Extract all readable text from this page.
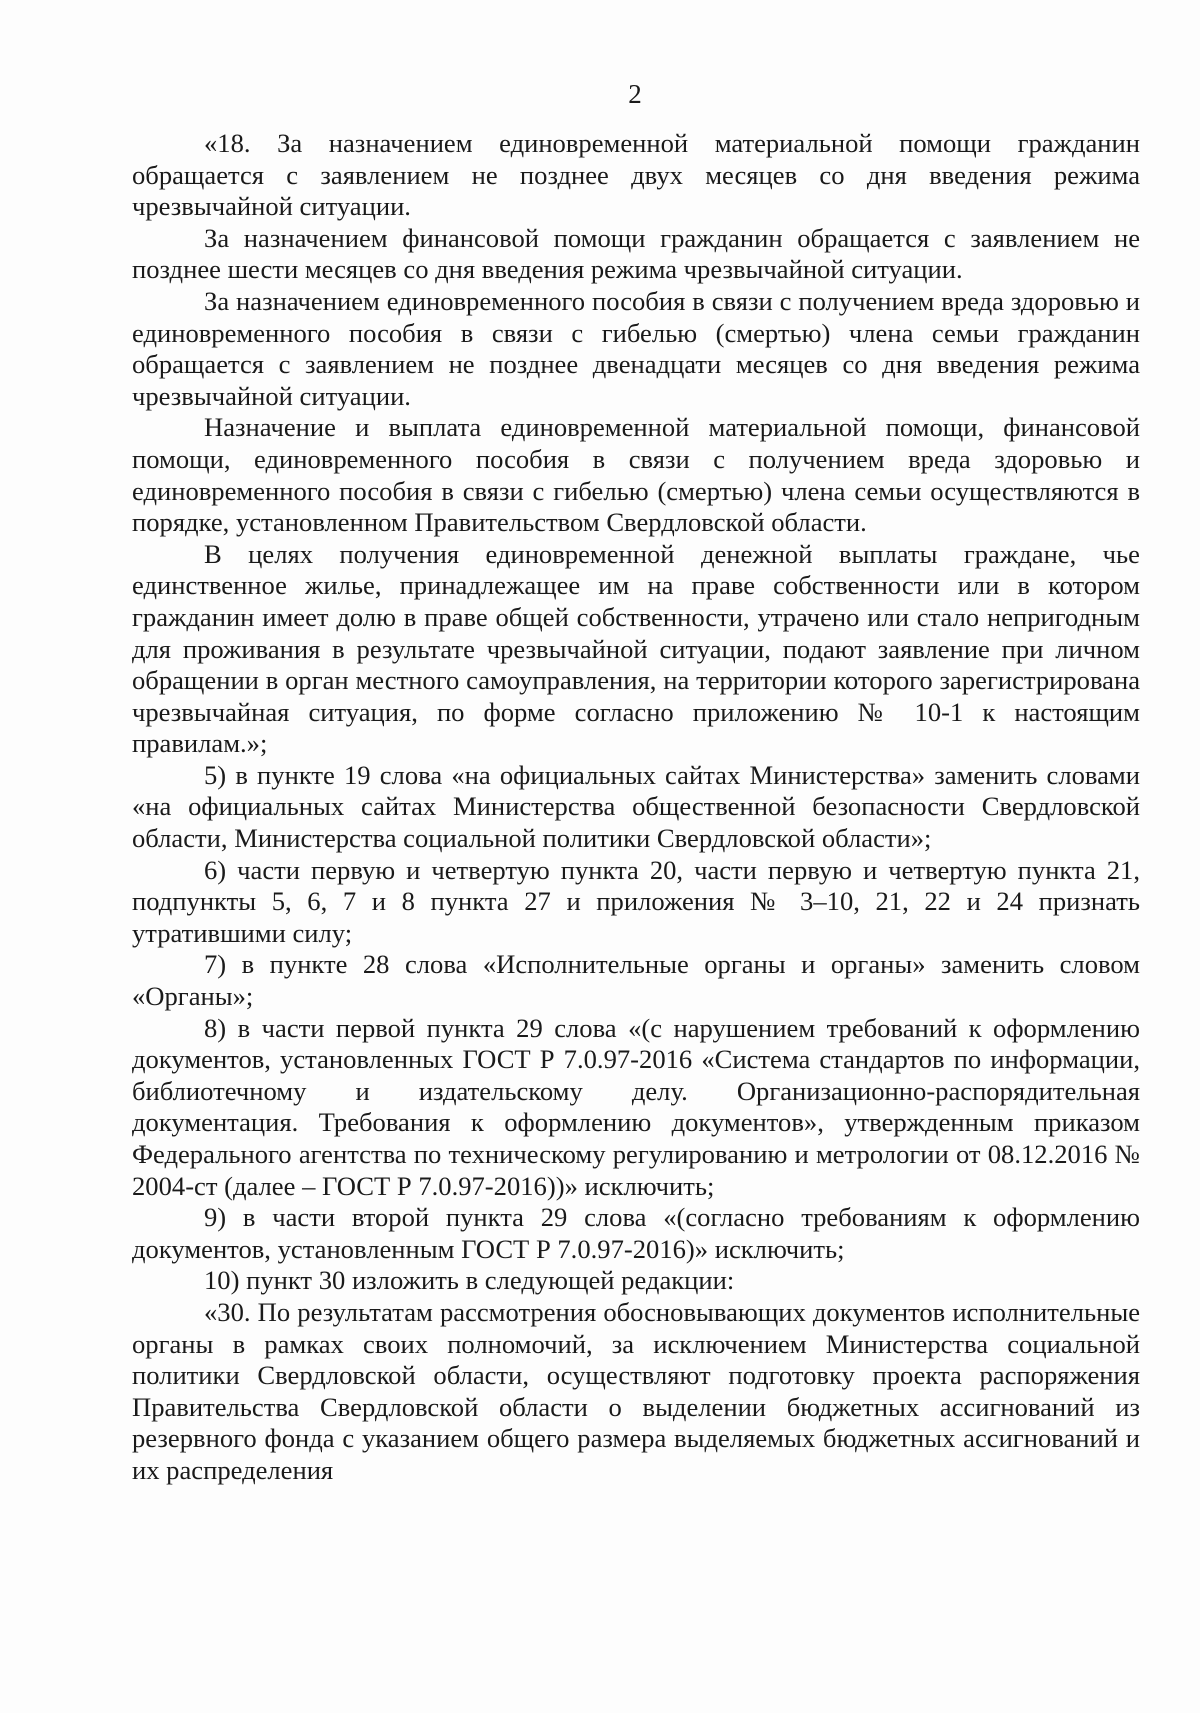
2

«18. За назначением единовременной материальной помощи гражданин обращается с заявлением не позднее двух месяцев со дня введения режима чрезвычайной ситуации.

За назначением финансовой помощи гражданин обращается с заявлением не позднее шести месяцев со дня введения режима чрезвычайной ситуации.

За назначением единовременного пособия в связи с получением вреда здоровью и единовременного пособия в связи с гибелью (смертью) члена семьи гражданин обращается с заявлением не позднее двенадцати месяцев со дня введения режима чрезвычайной ситуации.

Назначение и выплата единовременной материальной помощи, финансовой помощи, единовременного пособия в связи с получением вреда здоровью и единовременного пособия в связи с гибелью (смертью) члена семьи осуществляются в порядке, установленном Правительством Свердловской области.

В целях получения единовременной денежной выплаты граждане, чье единственное жилье, принадлежащее им на праве собственности или в котором гражданин имеет долю в праве общей собственности, утрачено или стало непригодным для проживания в результате чрезвычайной ситуации, подают заявление при личном обращении в орган местного самоуправления, на территории которого зарегистрирована чрезвычайная ситуация, по форме согласно приложению № 10-1 к настоящим правилам.»;

5) в пункте 19 слова «на официальных сайтах Министерства» заменить словами «на официальных сайтах Министерства общественной безопасности Свердловской области, Министерства социальной политики Свердловской области»;

6) части первую и четвертую пункта 20, части первую и четвертую пункта 21, подпункты 5, 6, 7 и 8 пункта 27 и приложения № 3–10, 21, 22 и 24 признать утратившими силу;

7) в пункте 28 слова «Исполнительные органы и органы» заменить словом «Органы»;

8) в части первой пункта 29 слова «(с нарушением требований к оформлению документов, установленных ГОСТ Р 7.0.97-2016 «Система стандартов по информации, библиотечному и издательскому делу. Организационно-распорядительная документация. Требования к оформлению документов», утвержденным приказом Федерального агентства по техническому регулированию и метрологии от 08.12.2016 № 2004-ст (далее – ГОСТ Р 7.0.97-2016))» исключить;

9) в части второй пункта 29 слова «(согласно требованиям к оформлению документов, установленным ГОСТ Р 7.0.97-2016)» исключить;

10) пункт 30 изложить в следующей редакции:

«30. По результатам рассмотрения обосновывающих документов исполнительные органы в рамках своих полномочий, за исключением Министерства социальной политики Свердловской области, осуществляют подготовку проекта распоряжения Правительства Свердловской области о выделении бюджетных ассигнований из резервного фонда с указанием общего размера выделяемых бюджетных ассигнований и их распределения
